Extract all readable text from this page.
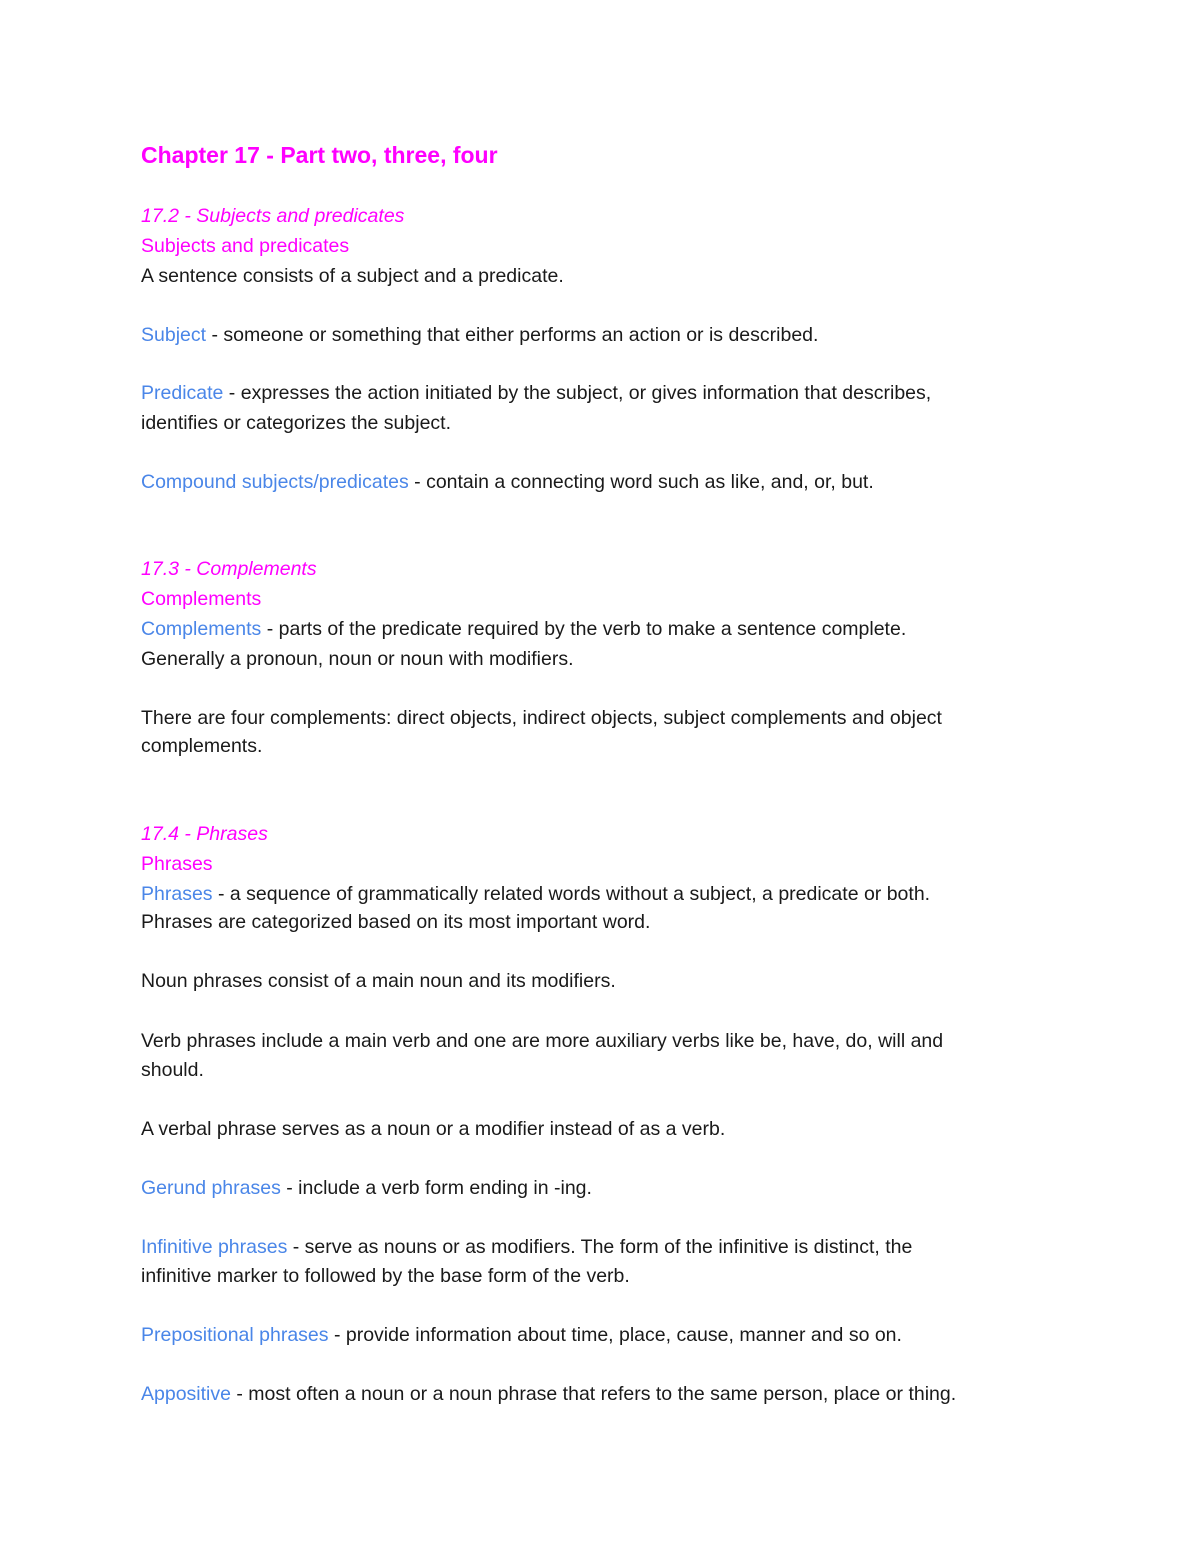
Chapter 17 - Part two, three, four
17.2 - Subjects and predicates
Subjects and predicates
A sentence consists of a subject and a predicate.
Subject - someone or something that either performs an action or is described.
Predicate - expresses the action initiated by the subject, or gives information that describes,
identifies or categorizes the subject.
Compound subjects/predicates - contain a connecting word such as like, and, or, but.
17.3 - Complements
Complements
Complements - parts of the predicate required by the verb to make a sentence complete.
Generally a pronoun, noun or noun with modifiers.
There are four complements: direct objects, indirect objects, subject complements and object
complements.
17.4 - Phrases
Phrases
Phrases - a sequence of grammatically related words without a subject, a predicate or both.
Phrases are categorized based on its most important word.
Noun phrases consist of a main noun and its modifiers.
Verb phrases include a main verb and one are more auxiliary verbs like be, have, do, will and
should.
A verbal phrase serves as a noun or a modifier instead of as a verb.
Gerund phrases - include a verb form ending in -ing.
Infinitive phrases - serve as nouns or as modifiers. The form of the infinitive is distinct, the
infinitive marker to followed by the base form of the verb.
Prepositional phrases - provide information about time, place, cause, manner and so on.
Appositive - most often a noun or a noun phrase that refers to the same person, place or thing.
